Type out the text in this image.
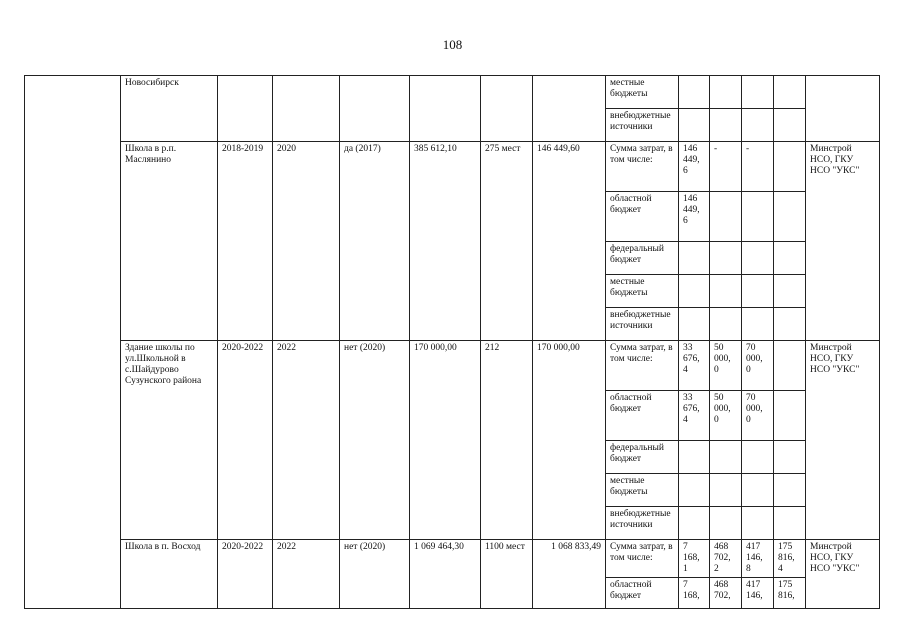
108
	Новосибирск							местные бюджеты					
								внебюджетные источники					
	Школа в р.п. Маслянино	2018-2019	2020	да (2017)	385 612,10	275 мест	146 449,60	Сумма затрат, в том числе:	146 449, 6	-	-		Минстрой НСО, ГКУ НСО "УКС"
								областной бюджет	146 449, 6				
								федеральный бюджет					
								местные бюджеты					
								внебюджетные источники					
	Здание школы по ул.Школьной в с.Шайдурово Сузунского района	2020-2022	2022	нет (2020)	170 000,00	212	170 000,00	Сумма затрат, в том числе:	33 676, 4	50 000, 0	70 000, 0		Минстрой НСО, ГКУ НСО "УКС"
								областной бюджет	33 676, 4	50 000, 0	70 000, 0		
								федеральный бюджет					
								местные бюджеты					
								внебюджетные источники					
	Школа в п. Восход	2020-2022	2022	нет (2020)	1 069 464,30	1100 мест	1 068 833,49	Сумма затрат, в том числе:	7 168, 1	468 702, 2	417 146, 8	175 816, 4	Минстрой НСО, ГКУ НСО "УКС"
								областной бюджет	7 168,	468 702,	417 146,	175 816,	
